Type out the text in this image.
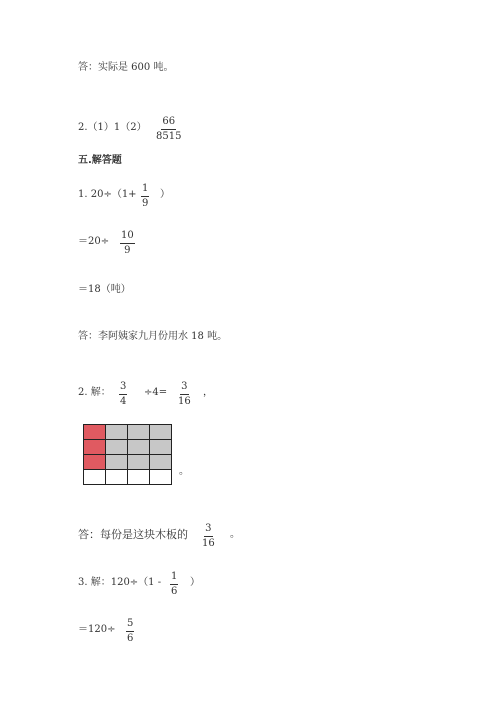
答：实际是 600 吨。
$2.(1)1(2) \frac{66}{8515}$
五.解答题
1. $20\div(1+ \frac{1}{9}$ ）
$=20\div \frac{10}{9}$
＝18（吨）
答：李阿姨家九月份用水 18 吨。
2. 解： $\frac{3}{4} \div 4= \frac{3}{16}$ ，

。
答：每份是这块木板的 $\frac{3}{16}$ 。
3. 解：$120\div(1 - \frac{1}{6}$ ）
$=120\div \frac{5}{6}$
